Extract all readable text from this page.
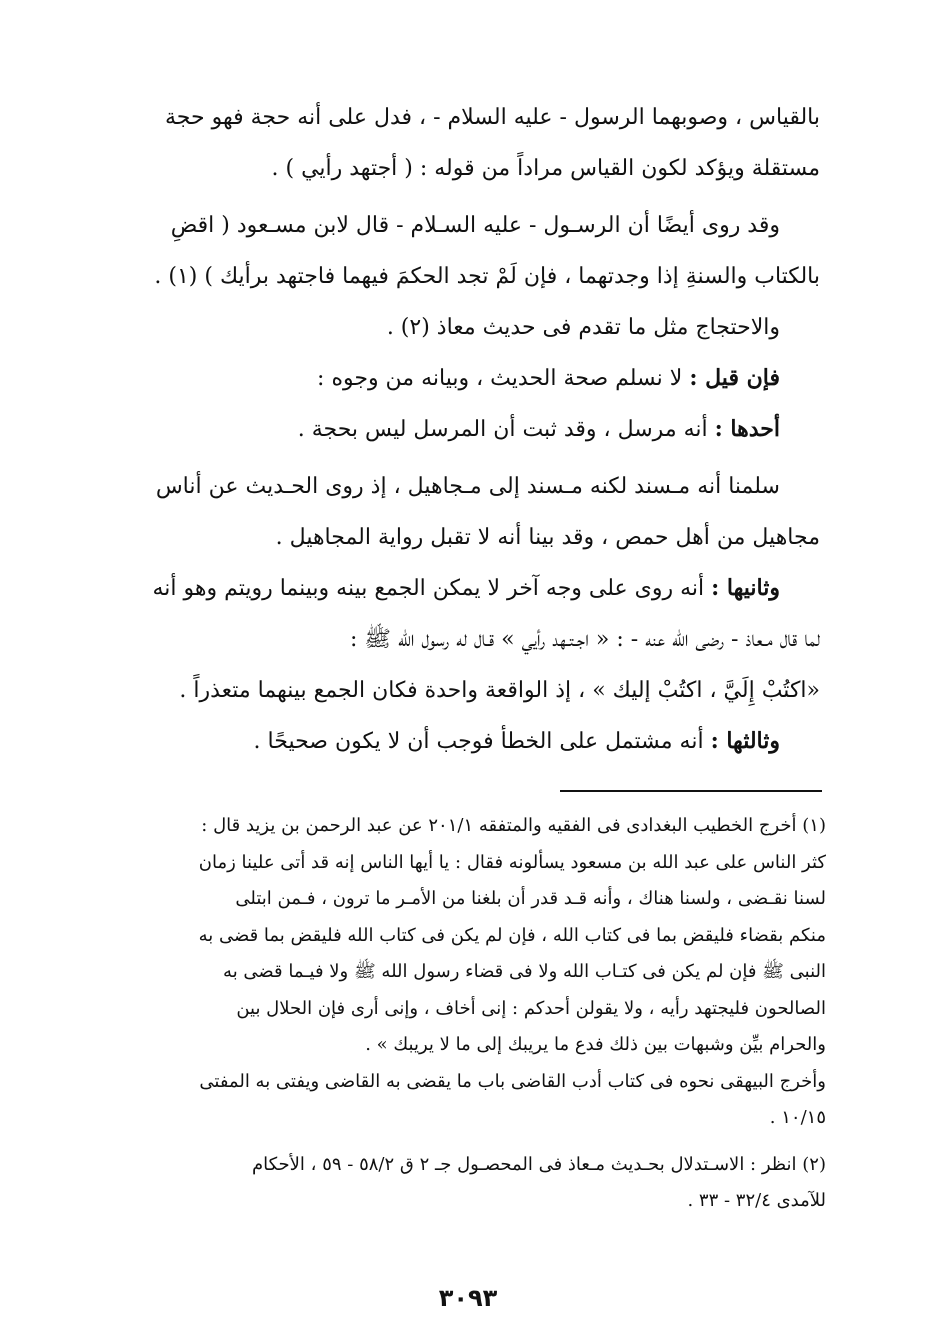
بالقياس ، وصوبهما الرسول - عليه السلام - ، فدل على أنه حجة فهو حجة
مستقلة ويؤكد لكون القياس مراداً من قوله : ( أجتهد رأيي ) .
وقد روى أيضًا أن الرسـول - عليه السـلام - قال لابن مسـعود ( اقضِ
بالكتاب والسنةِ إذا وجدتهما ، فإن لَمْ تجد الحكمَ فيهما فاجتهد برأيك ) (١) .
والاحتجاج مثل ما تقدم فى حديث معاذ (٢) .
فإن قيل : لا نسلم صحة الحديث ، وبيانه من وجوه :
أحدها : أنه مرسل ، وقد ثبت أن المرسل ليس بحجة .
سلمنا أنه مـسند لكنه مـسند إلى مـجاهيل ، إذ روى الحـديث عن أناس
مجاهيل من أهل حمص ، وقد بينا أنه لا تقبل رواية المجاهيل .
وثانيها : أنه روى على وجه آخر لا يمكن الجمع بينه وبينما رويتم وهو أنه
لما قال مـعاذ - رضى الله عنه - : « اجـتـهد رأيي » قـال له رسول الله ﷺ :
«اكتُبْ إِلَيَّ ، اكتُبْ إليك » ، إذ الواقعة واحدة فكان الجمع بينهما متعذراً .
وثالثها : أنه مشتمل على الخطأ فوجب أن لا يكون صحيحًا .
(١) أخرج الخطيب البغدادى فى الفقيه والمتفقه ٢٠١/١ عن عبد الرحمن بن يزيد قال :
كثر الناس على عبد الله بن مسعود يسألونه فقال : يا أيها الناس إنه قد أتى علينا زمان
لسنا نقـضى ، ولسنا هناك ، وأنه قـد قدر أن بلغنا من الأمـر ما ترون ، فـمن ابتلى
منكم بقضاء فليقض بما فى كتاب الله ، فإن لم يكن فى كتاب الله فليقض بما قضى به
النبى ﷺ فإن لم يكن فى كتـاب الله ولا فى قضاء رسول الله ﷺ ولا فيـما قضى به
الصالحون فليجتهد رأيه ، ولا يقولن أحدكم : إنى أخاف ، وإنى أرى فإن الحلال بين
والحرام بيِّن وشبهات بين ذلك فدع ما يريبك إلى ما لا يريبك » .
وأخرج البيهقى نحوه فى كتاب أدب القاضى باب ما يقضى به القاضى ويفتى به المفتى
١٠/١٥ .
(٢) انظر : الاسـتدلال بحـديث مـعاذ فى المحصـول جـ ٢ ق ٥٨/٢ - ٥٩ ، الأحكام
للآمدى ٣٢/٤ - ٣٣ .
٣٠٩٣
